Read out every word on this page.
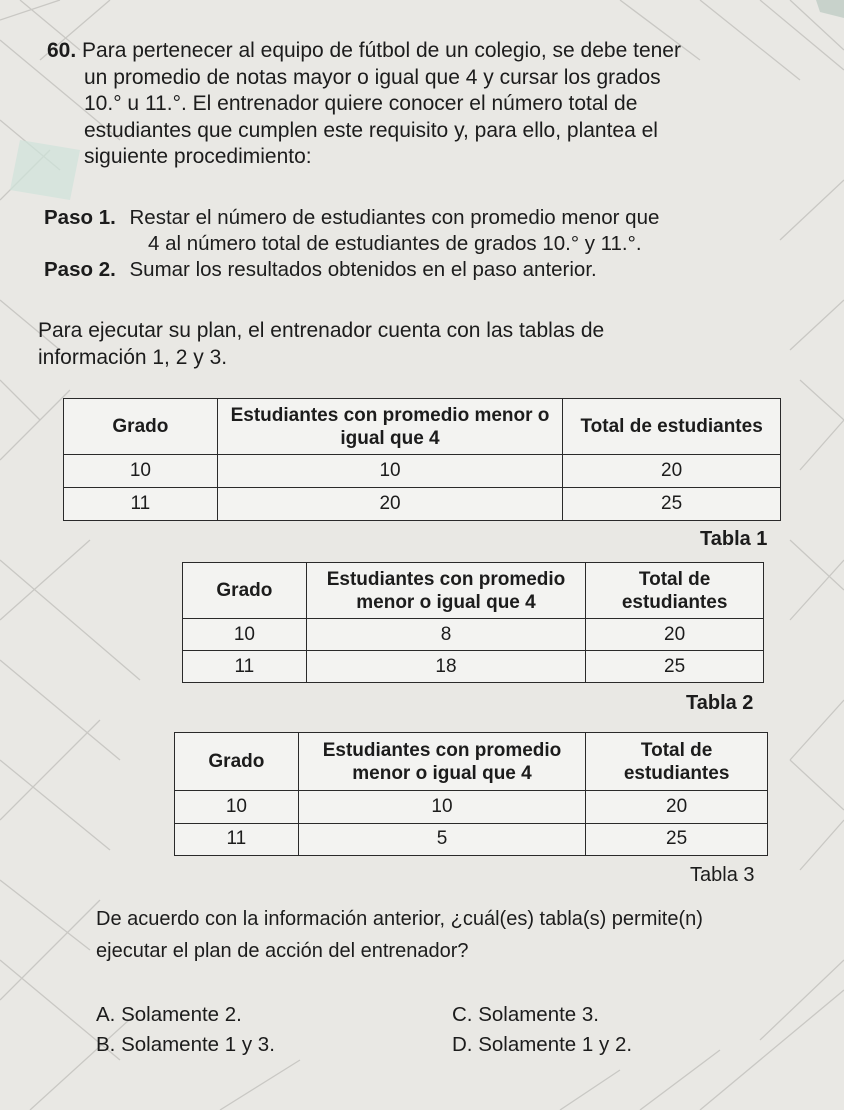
60. Para pertenecer al equipo de fútbol de un colegio, se debe tener
un promedio de notas mayor o igual que 4 y cursar los grados
10.° u 11.°. El entrenador quiere conocer el número total de
estudiantes que cumplen este requisito y, para ello, plantea el
siguiente procedimiento:
Paso 1. Restar el número de estudiantes con promedio menor que
4 al número total de estudiantes de grados 10.° y 11.°.
Paso 2. Sumar los resultados obtenidos en el paso anterior.
Para ejecutar su plan, el entrenador cuenta con las tablas de
información 1, 2 y 3.
Grado	Estudiantes con promedio menor o igual que 4	Total de estudiantes
10	10	20
11	20	25
Tabla 1
Grado	Estudiantes con promedio menor o igual que 4	Total de estudiantes
10	8	20
11	18	25
Tabla 2
Grado	Estudiantes con promedio menor o igual que 4	Total de estudiantes
10	10	20
11	5	25
Tabla 3
De acuerdo con la información anterior, ¿cuál(es) tabla(s) permite(n)
ejecutar el plan de acción del entrenador?
A. Solamente 2.	C. Solamente 3.
B. Solamente 1 y 3.	D. Solamente 1 y 2.
